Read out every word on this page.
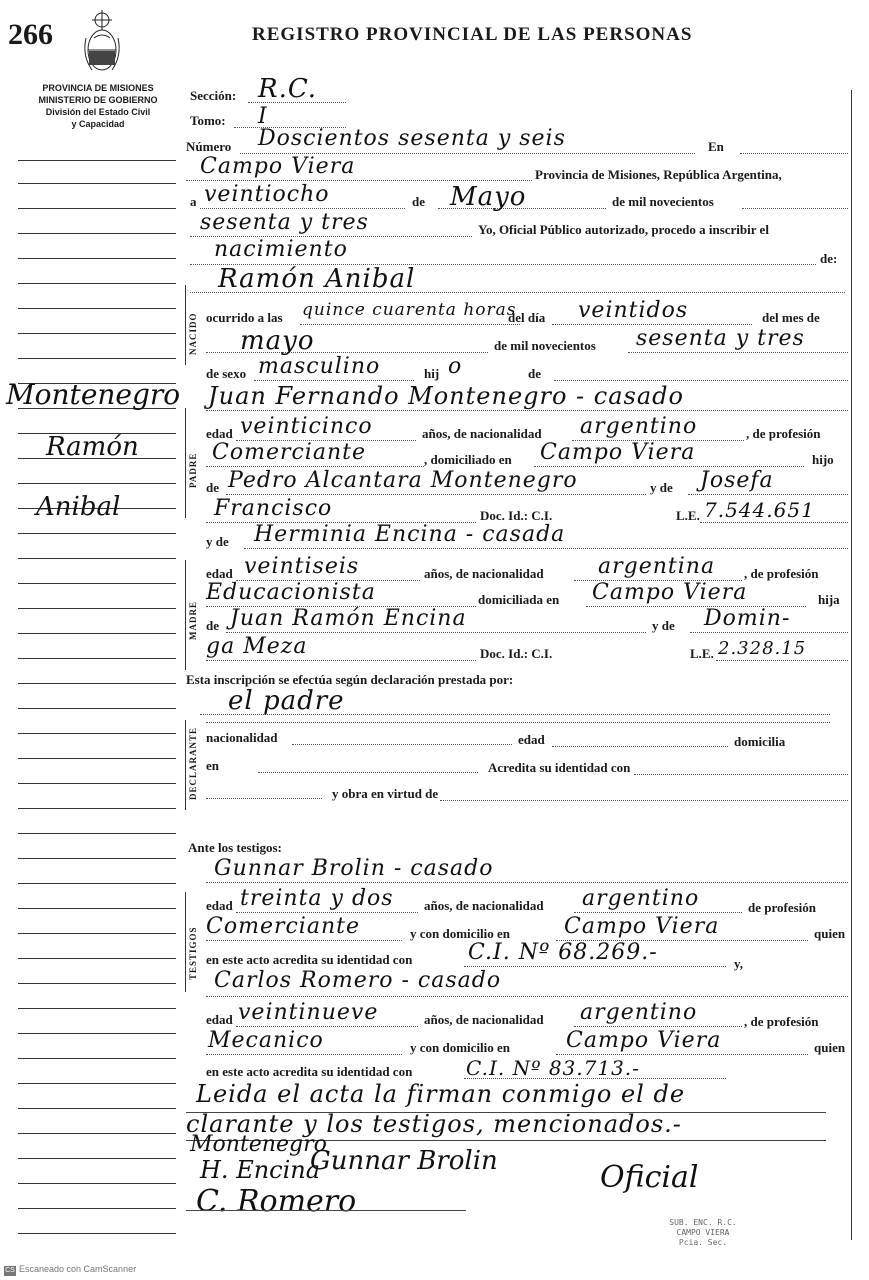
266	REGISTRO PROVINCIAL DE LAS PERSONAS
PROVINCIA DE MISIONES
MINISTERIO DE GOBIERNO
División del Estado Civil
y Capacidad
Montenegro
Ramón
Anibal
NACIDO
PADRE
MADRE
DECLARANTE
TESTIGOS
Sección: R.C.
Tomo: I
Número Doscientos sesenta y seis	En
Campo Viera	Provincia de Misiones, República Argentina,
a veintiocho	de Mayo	de mil novecientos
sesenta y tres	Yo, Oficial Público autorizado, procedo a inscribir el
nacimiento	de:
Ramón Anibal
ocurrido a las quince cuarenta horas
del día veintidos	del mes de
mayo	de mil novecientos sesenta y tres
de sexo masculino	hij o	de
Juan Fernando Montenegro - casado
edad veinticinco	años, de nacionalidad argentino	, de profesión
Comerciante	, domiciliado en Campo Viera	hijo
de Pedro Alcantara Montenegro	y de Josefa
Francisco	Doc. Id.: C.I.	L.E. 7.544.651
y de Herminia Encina - casada
edad veintiseis	años, de nacionalidad argentina , de profesión
Educacionista	domiciliada en Campo Viera	hija
de Juan Ramón Encina	y de Domin-
ga Meza	Doc. Id.: C.I.	L.E. 2.328.15
Esta inscripción se efectúa según declaración prestada por:
el padre
nacionalidad	edad	domicilia
en	Acredita su identidad con
y obra en virtud de
Ante los testigos:
Gunnar Brolin - casado
edad treinta y dos años, de nacionalidad argentino	de profesión
Comerciante	y con domicilio en Campo Viera	quien
en este acto acredita su identidad con	C.I. Nº 68.269.-	y,
Carlos Romero - casado
edad veintinueve	años, de nacionalidad argentino	, de profesión
Mecanico	y con domicilio en	Campo Viera	quien
en este acto acredita su identidad con	C.I. Nº 83.713.-
Leida el acta la firman conmigo el de
clarante y los testigos, mencionados.-
Montenegro
H. Encina
Gunnar Brolin
C. Romero
Oficial
SUB. ENC. R.C.
CAMPO VIERA
Pcia. Sec.
CS Escaneado con CamScanner
